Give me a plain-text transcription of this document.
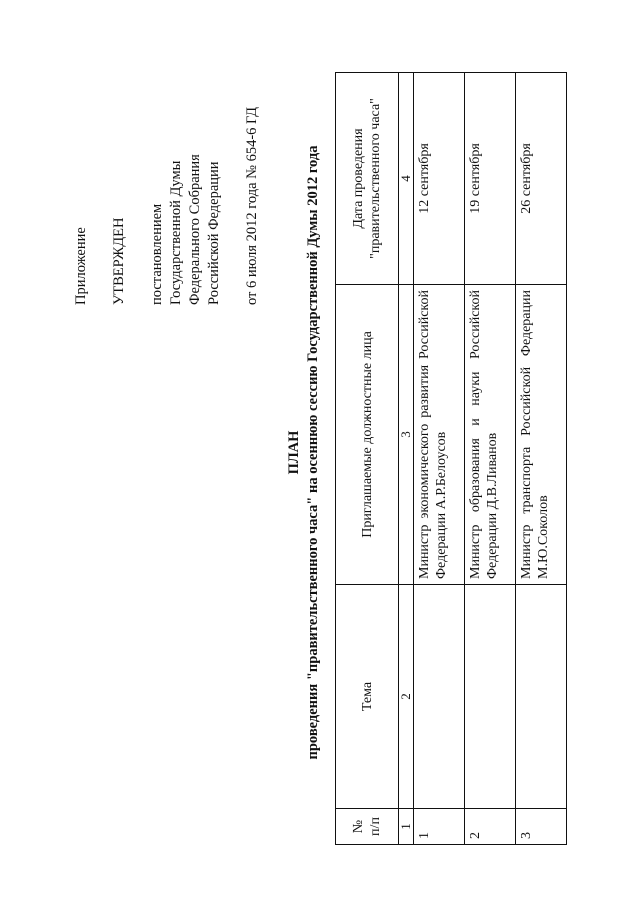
Приложение УТВЕРЖДЕН постановлением Государственной Думы Федерального Собрания Российской Федерации от 6 июля 2012 года № 654-6 ГД
ПЛАН проведения "правительственного часа" на осеннюю сессию Государственной Думы 2012 года
№ п/п	Тема	Приглашаемые должностные лица	Дата проведения "правительственного часа"
1	2	3	4
1		Министр экономического развития Российской Федерации А.Р.Белоусов	12 сентября
2		Министр образования и науки Российской Федерации Д.В.Ливанов	19 сентября
3		Министр транспорта Российской Федерации М.Ю.Соколов	26 сентября
